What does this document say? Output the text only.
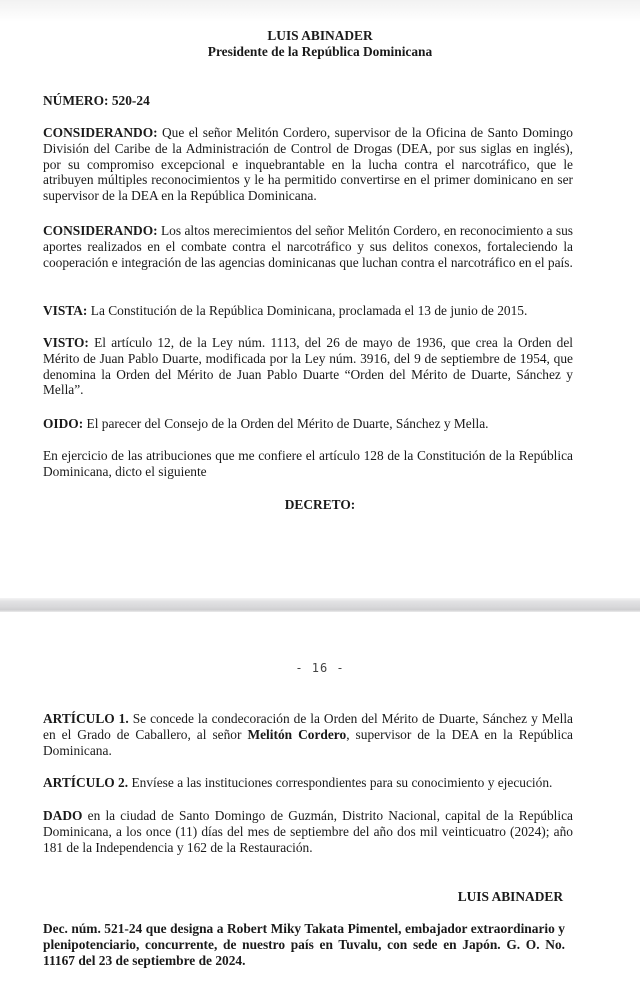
LUIS ABINADER
Presidente de la República Dominicana
NÚMERO: 520-24
CONSIDERANDO: Que el señor Melitón Cordero, supervisor de la Oficina de Santo Domingo División del Caribe de la Administración de Control de Drogas (DEA, por sus siglas en inglés), por su compromiso excepcional e inquebrantable en la lucha contra el narcotráfico, que le atribuyen múltiples reconocimientos y le ha permitido convertirse en el primer dominicano en ser supervisor de la DEA en la República Dominicana.
CONSIDERANDO: Los altos merecimientos del señor Melitón Cordero, en reconocimiento a sus aportes realizados en el combate contra el narcotráfico y sus delitos conexos, fortaleciendo la cooperación e integración de las agencias dominicanas que luchan contra el narcotráfico en el país.
VISTA: La Constitución de la República Dominicana, proclamada el 13 de junio de 2015.
VISTO: El artículo 12, de la Ley núm. 1113, del 26 de mayo de 1936, que crea la Orden del Mérito de Juan Pablo Duarte, modificada por la Ley núm. 3916, del 9 de septiembre de 1954, que denomina la Orden del Mérito de Juan Pablo Duarte “Orden del Mérito de Duarte, Sánchez y Mella”.
OIDO: El parecer del Consejo de la Orden del Mérito de Duarte, Sánchez y Mella.
En ejercicio de las atribuciones que me confiere el artículo 128 de la Constitución de la República Dominicana, dicto el siguiente
DECRETO:
- 16 -
ARTÍCULO 1. Se concede la condecoración de la Orden del Mérito de Duarte, Sánchez y Mella en el Grado de Caballero, al señor Melitón Cordero, supervisor de la DEA en la República Dominicana.
ARTÍCULO 2. Envíese a las instituciones correspondientes para su conocimiento y ejecución.
DADO en la ciudad de Santo Domingo de Guzmán, Distrito Nacional, capital de la República Dominicana, a los once (11) días del mes de septiembre del año dos mil veinticuatro (2024); año 181 de la Independencia y 162 de la Restauración.
LUIS ABINADER
Dec. núm. 521-24 que designa a Robert Miky Takata Pimentel, embajador extraordinario y plenipotenciario, concurrente, de nuestro país en Tuvalu, con sede en Japón. G. O. No. 11167 del 23 de septiembre de 2024.
